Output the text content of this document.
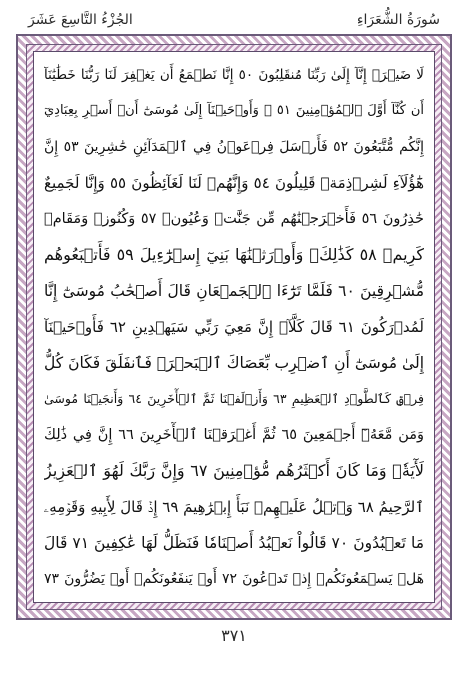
الجُزْءُ التَّاسِعَ عَشَرَ	سُورَةُ الشُّعَرَاءِ
لَا ضَيۡرَۖ إِنَّآ إِلَىٰ رَبِّنَا مُنقَلِبُونَ ٥٠ إِنَّا نَطۡمَعُ أَن يَغۡفِرَ لَنَا رَبُّنَا خَطَٰيَٰنَآ
أَن كُنَّآ أَوَّلَ ٱلۡمُؤۡمِنِينَ ٥١ ۞ وَأَوۡحَيۡنَآ إِلَىٰ مُوسَىٰٓ أَنۡ أَسۡرِ بِعِبَادِيٓ
إِنَّكُم مُّتَّبَعُونَ ٥٢ فَأَرۡسَلَ فِرۡعَوۡنُ فِي ٱلۡمَدَآئِنِ حَٰشِرِينَ ٥٣ إِنَّ
هَٰٓؤُلَآءِ لَشِرۡذِمَةٞ قَلِيلُونَ ٥٤ وَإِنَّهُمۡ لَنَا لَغَآئِظُونَ ٥٥ وَإِنَّا لَجَمِيعٌ
حَٰذِرُونَ ٥٦ فَأَخۡرَجۡنَٰهُم مِّن جَنَّٰتٖ وَعُيُونٖ ٥٧ وَكُنُوزٖ وَمَقَامٖ
كَرِيمٖ ٥٨ كَذَٰلِكَۖ وَأَوۡرَثۡنَٰهَا بَنِيٓ إِسۡرَٰٓءِيلَ ٥٩ فَأَتۡبَعُوهُم
مُّشۡرِقِينَ ٦٠ فَلَمَّا تَرَٰٓءَا ٱلۡجَمۡعَانِ قَالَ أَصۡحَٰبُ مُوسَىٰٓ إِنَّا
لَمُدۡرَكُونَ ٦١ قَالَ كَلَّآۖ إِنَّ مَعِيَ رَبِّي سَيَهۡدِينِ ٦٢ فَأَوۡحَيۡنَآ
إِلَىٰ مُوسَىٰٓ أَنِ ٱضۡرِب بِّعَصَاكَ ٱلۡبَحۡرَۖ فَٱنفَلَقَ فَكَانَ كُلُّ
فِرۡقٖ كَٱلطَّوۡدِ ٱلۡعَظِيمِ ٦٣ وَأَزۡلَفۡنَا ثَمَّ ٱلۡأٓخَرِينَ ٦٤ وَأَنجَيۡنَا مُوسَىٰ
وَمَن مَّعَهُۥٓ أَجۡمَعِينَ ٦٥ ثُمَّ أَغۡرَقۡنَا ٱلۡأٓخَرِينَ ٦٦ إِنَّ فِي ذَٰلِكَ
لَأٓيَةٗۖ وَمَا كَانَ أَكۡثَرُهُم مُّؤۡمِنِينَ ٦٧ وَإِنَّ رَبَّكَ لَهُوَ ٱلۡعَزِيزُ
ٱلرَّحِيمُ ٦٨ وَٱتۡلُ عَلَيۡهِمۡ نَبَأَ إِبۡرَٰهِيمَ ٦٩ إِذۡ قَالَ لِأَبِيهِ وَقَوۡمِهِۦ
مَا تَعۡبُدُونَ ٧٠ قَالُواْ نَعۡبُدُ أَصۡنَامٗا فَنَظَلُّ لَهَا عَٰكِفِينَ ٧١ قَالَ
هَلۡ يَسۡمَعُونَكُمۡ إِذۡ تَدۡعُونَ ٧٢ أَوۡ يَنفَعُونَكُمۡ أَوۡ يَضُرُّونَ ٧٣
٣٧١
